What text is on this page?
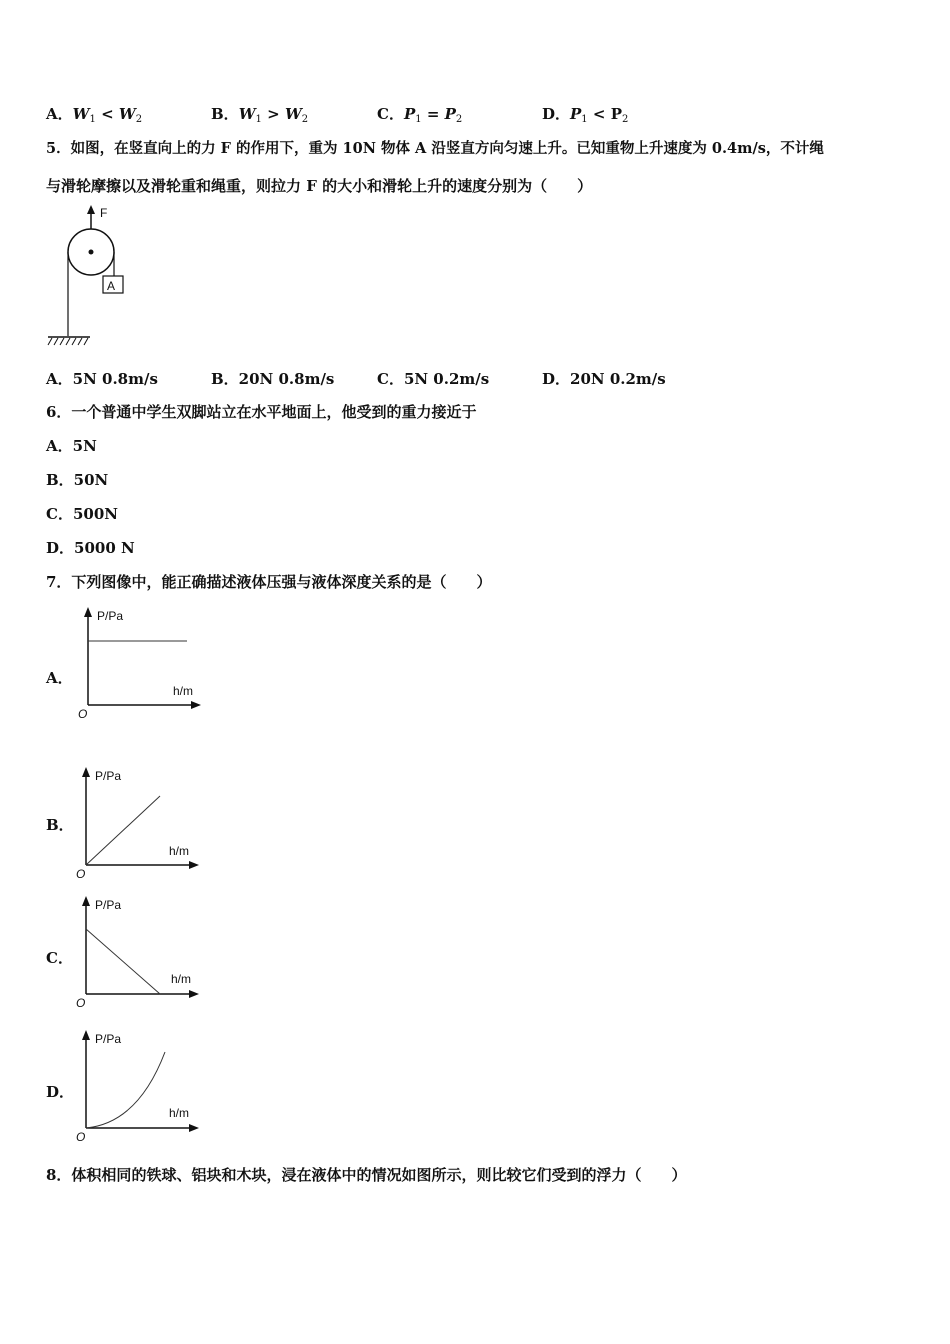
A．$W_1 < W_2$	B．$W_1 > W_2$	C．$P_1 = P_2$	D．$P_1 < P_2$
5．如图，在竖直向上的力 F 的作用下，重为 10N 物体 A 沿竖直方向匀速上升。已知重物上升速度为 0.4m/s，不计绳
与滑轮摩擦以及滑轮重和绳重，则拉力 F 的大小和滑轮上升的速度分别为（　　）
F
A
A．5N 0.8m/s	B．20N 0.8m/s	C．5N 0.2m/s	D．20N 0.2m/s
6．一个普通中学生双脚站立在水平地面上，他受到的重力接近于
A．5N
B．50N
C．500N
D．5000 N
7．下列图像中，能正确描述液体压强与液体深度关系的是（　　）
A．
P/Pa
h/m
O
B．
P/Pa
h/m
O
C．
P/Pa
h/m
O
D．
P/Pa
h/m
O
8．体积相同的铁球、铝块和木块，浸在液体中的情况如图所示，则比较它们受到的浮力（　　）
